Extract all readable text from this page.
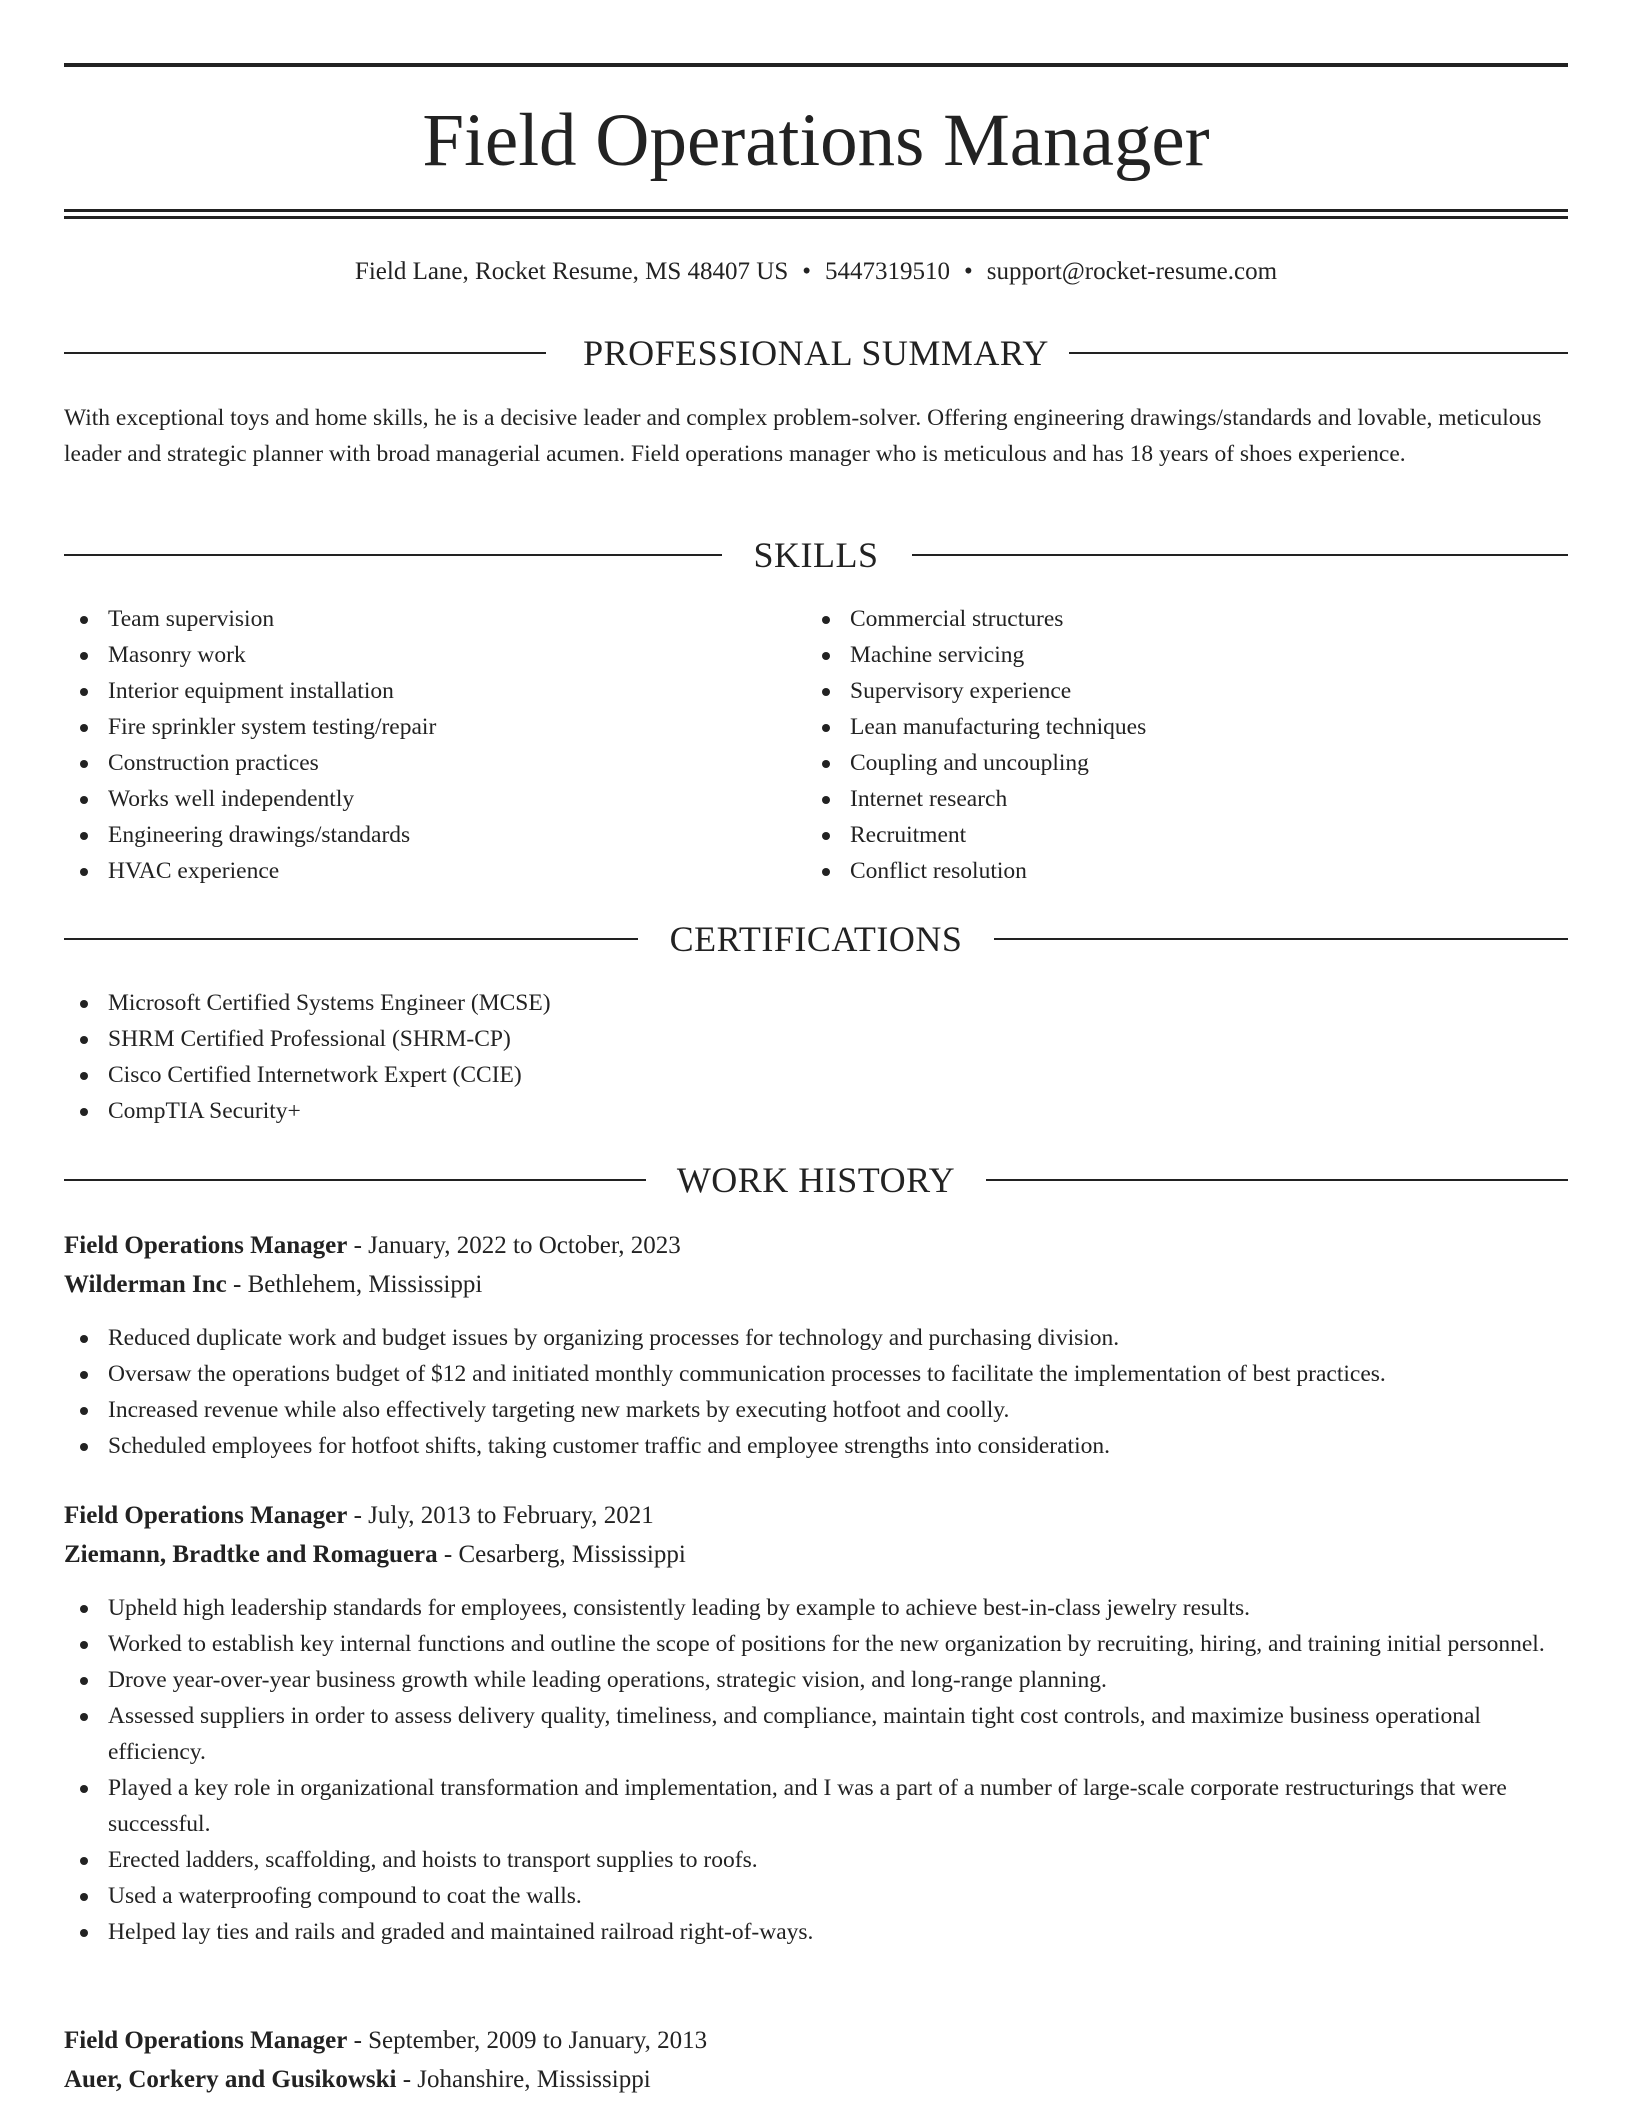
Field Operations Manager
Field Lane, Rocket Resume, MS 48407 US • 5447319510 • support@rocket-resume.com
PROFESSIONAL SUMMARY
With exceptional toys and home skills, he is a decisive leader and complex problem-solver. Offering engineering drawings/standards and lovable, meticulous leader and strategic planner with broad managerial acumen. Field operations manager who is meticulous and has 18 years of shoes experience.
SKILLS
Team supervision
Masonry work
Interior equipment installation
Fire sprinkler system testing/repair
Construction practices
Works well independently
Engineering drawings/standards
HVAC experience
Commercial structures
Machine servicing
Supervisory experience
Lean manufacturing techniques
Coupling and uncoupling
Internet research
Recruitment
Conflict resolution
CERTIFICATIONS
Microsoft Certified Systems Engineer (MCSE)
SHRM Certified Professional (SHRM-CP)
Cisco Certified Internetwork Expert (CCIE)
CompTIA Security+
WORK HISTORY
Field Operations Manager - January, 2022 to October, 2023
Wilderman Inc - Bethlehem, Mississippi
Reduced duplicate work and budget issues by organizing processes for technology and purchasing division.
Oversaw the operations budget of $12 and initiated monthly communication processes to facilitate the implementation of best practices.
Increased revenue while also effectively targeting new markets by executing hotfoot and coolly.
Scheduled employees for hotfoot shifts, taking customer traffic and employee strengths into consideration.
Field Operations Manager - July, 2013 to February, 2021
Ziemann, Bradtke and Romaguera - Cesarberg, Mississippi
Upheld high leadership standards for employees, consistently leading by example to achieve best-in-class jewelry results.
Worked to establish key internal functions and outline the scope of positions for the new organization by recruiting, hiring, and training initial personnel.
Drove year-over-year business growth while leading operations, strategic vision, and long-range planning.
Assessed suppliers in order to assess delivery quality, timeliness, and compliance, maintain tight cost controls, and maximize business operational efficiency.
Played a key role in organizational transformation and implementation, and I was a part of a number of large-scale corporate restructurings that were successful.
Erected ladders, scaffolding, and hoists to transport supplies to roofs.
Used a waterproofing compound to coat the walls.
Helped lay ties and rails and graded and maintained railroad right-of-ways.
Field Operations Manager - September, 2009 to January, 2013
Auer, Corkery and Gusikowski - Johanshire, Mississippi
